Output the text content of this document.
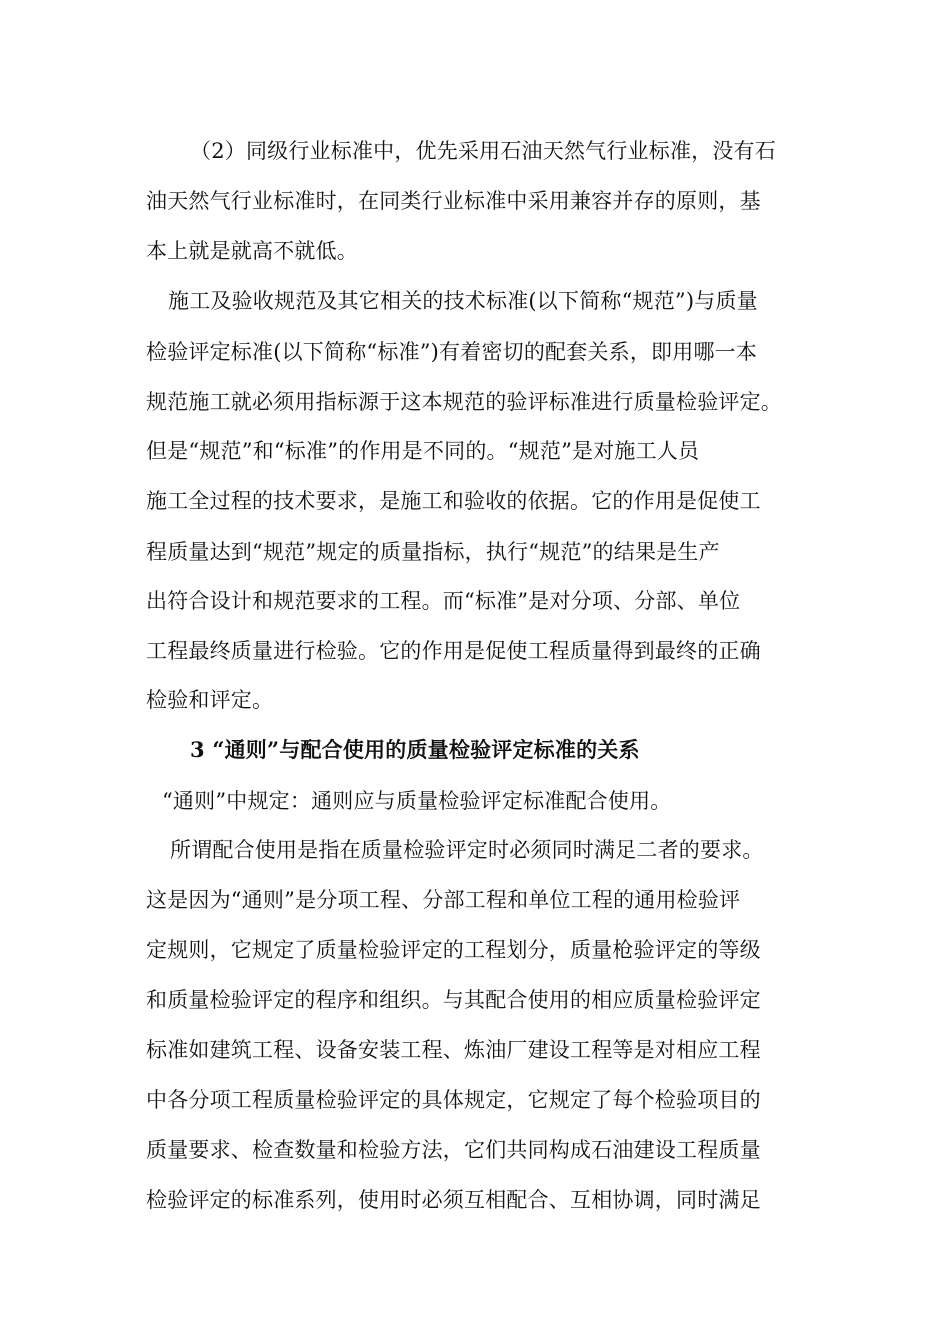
（2）同级行业标准中，优先采用石油天然气行业标准，没有石
油天然气行业标准时，在同类行业标准中采用兼容并存的原则，基
本上就是就高不就低。
施工及验收规范及其它相关的技术标准(以下简称“规范”)与质量
检验评定标准(以下简称“标准”)有着密切的配套关系，即用哪一本
规范施工就必须用指标源于这本规范的验评标准进行质量检验评定。
但是“规范”和“标准”的作用是不同的。“规范”是对施工人员
施工全过程的技术要求，是施工和验收的依据。它的作用是促使工
程质量达到“规范”规定的质量指标，执行“规范”的结果是生产
出符合设计和规范要求的工程。而“标准”是对分项、分部、单位
工程最终质量进行检验。它的作用是促使工程质量得到最终的正确
检验和评定。
3 “通则”与配合使用的质量检验评定标准的关系
“通则”中规定：通则应与质量检验评定标准配合使用。
所谓配合使用是指在质量检验评定时必须同时满足二者的要求。
这是因为“通则”是分项工程、分部工程和单位工程的通用检验评
定规则，它规定了质量检验评定的工程划分，质量枪验评定的等级
和质量检验评定的程序和组织。与其配合使用的相应质量检验评定
标准如建筑工程、设备安装工程、炼油厂建设工程等是对相应工程
中各分项工程质量检验评定的具体规定，它规定了每个检验项目的
质量要求、检查数量和检验方法，它们共同构成石油建设工程质量
检验评定的标准系列，使用时必须互相配合、互相协调，同时满足
